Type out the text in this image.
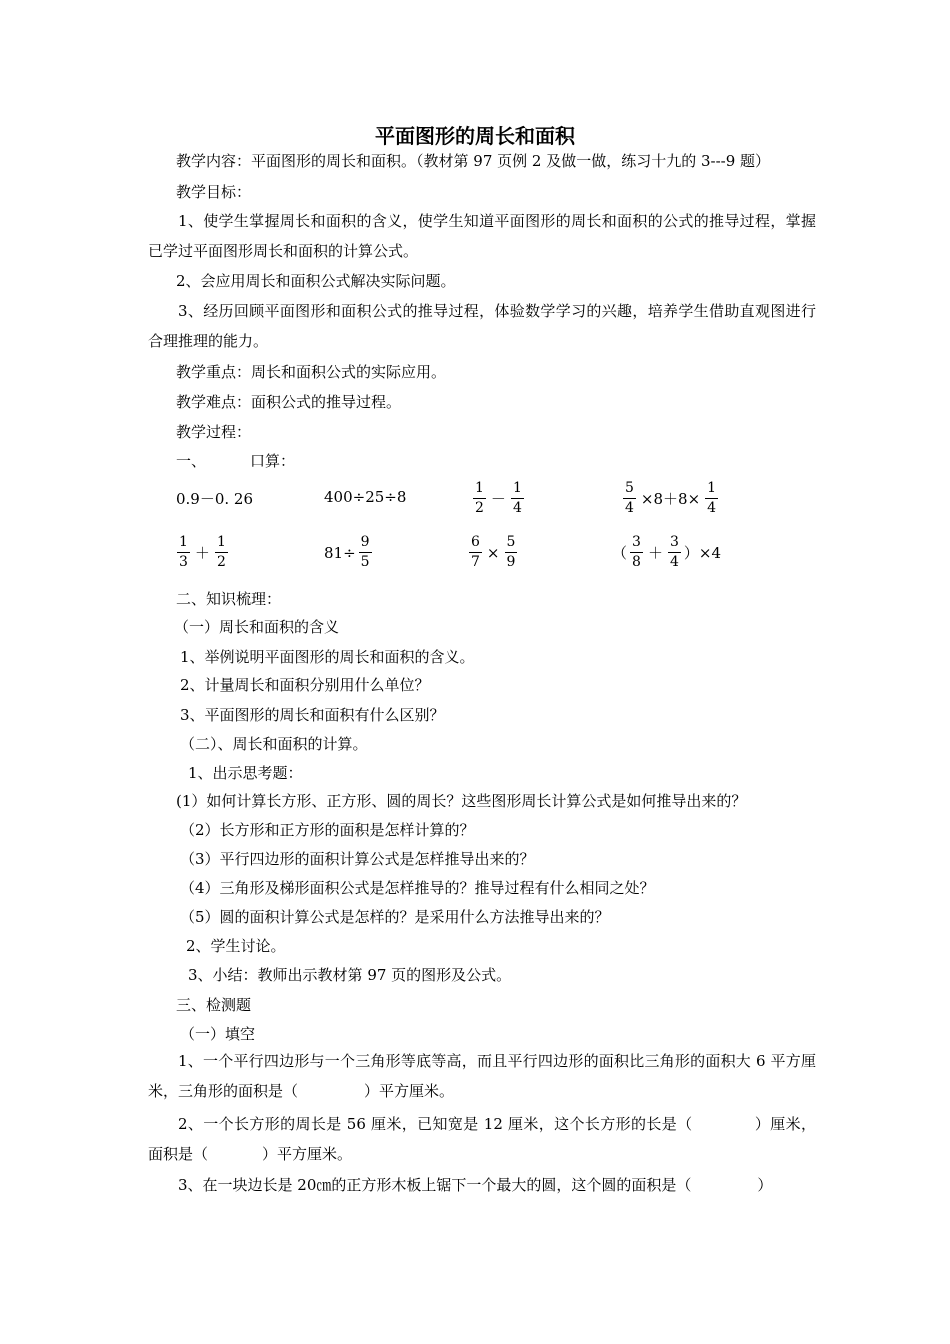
平面图形的周长和面积
教学内容：平面图形的周长和面积。（教材第 97 页例 2 及做一做，练习十九的 3---9 题）
教学目标：
1、使学生掌握周长和面积的含义，使学生知道平面图形的周长和面积的公式的推导过程，掌握已学过平面图形周长和面积的计算公式。
2、会应用周长和面积公式解决实际问题。
3、经历回顾平面图形和面积公式的推导过程，体验数学学习的兴趣，培养学生借助直观图进行合理推理的能力。
教学重点：周长和面积公式的实际应用。
教学难点：面积公式的推导过程。
教学过程：
一、	口算：
0.9－0. 26	400÷25÷8	$\frac{1}{2} - \frac{1}{4}$	$\frac{5}{4} \times 8+8\times \frac{1}{4}$
$\frac{1}{3} + \frac{1}{2}$	$81\div \frac{9}{5}$	$\frac{6}{7} \times \frac{5}{9}$	（ $\frac{3}{8} + \frac{3}{4} )\times 4$
二、知识梳理：
（一）周长和面积的含义
1、举例说明平面图形的周长和面积的含义。
2、计量周长和面积分别用什么单位？
3、平面图形的周长和面积有什么区别？
（二）、周长和面积的计算。
1、出示思考题：
(1）如何计算长方形、正方形、圆的周长？这些图形周长计算公式是如何推导出来的？
（2）长方形和正方形的面积是怎样计算的？
（3）平行四边形的面积计算公式是怎样推导出来的？
（4）三角形及梯形面积公式是怎样推导的？推导过程有什么相同之处？
（5）圆的面积计算公式是怎样的？是采用什么方法推导出来的？
2、学生讨论。
3、小结：教师出示教材第 97 页的图形及公式。
三、检测题
（一）填空
1、一个平行四边形与一个三角形等底等高，而且平行四边形的面积比三角形的面积大 6 平方厘米，三角形的面积是（	）平方厘米。
2、一个长方形的周长是 56 厘米，已知宽是 12 厘米，这个长方形的长是（	）厘米，面积是（	）平方厘米。
3、在一块边长是 20㎝的正方形木板上锯下一个最大的圆，这个圆的面积是（	）
